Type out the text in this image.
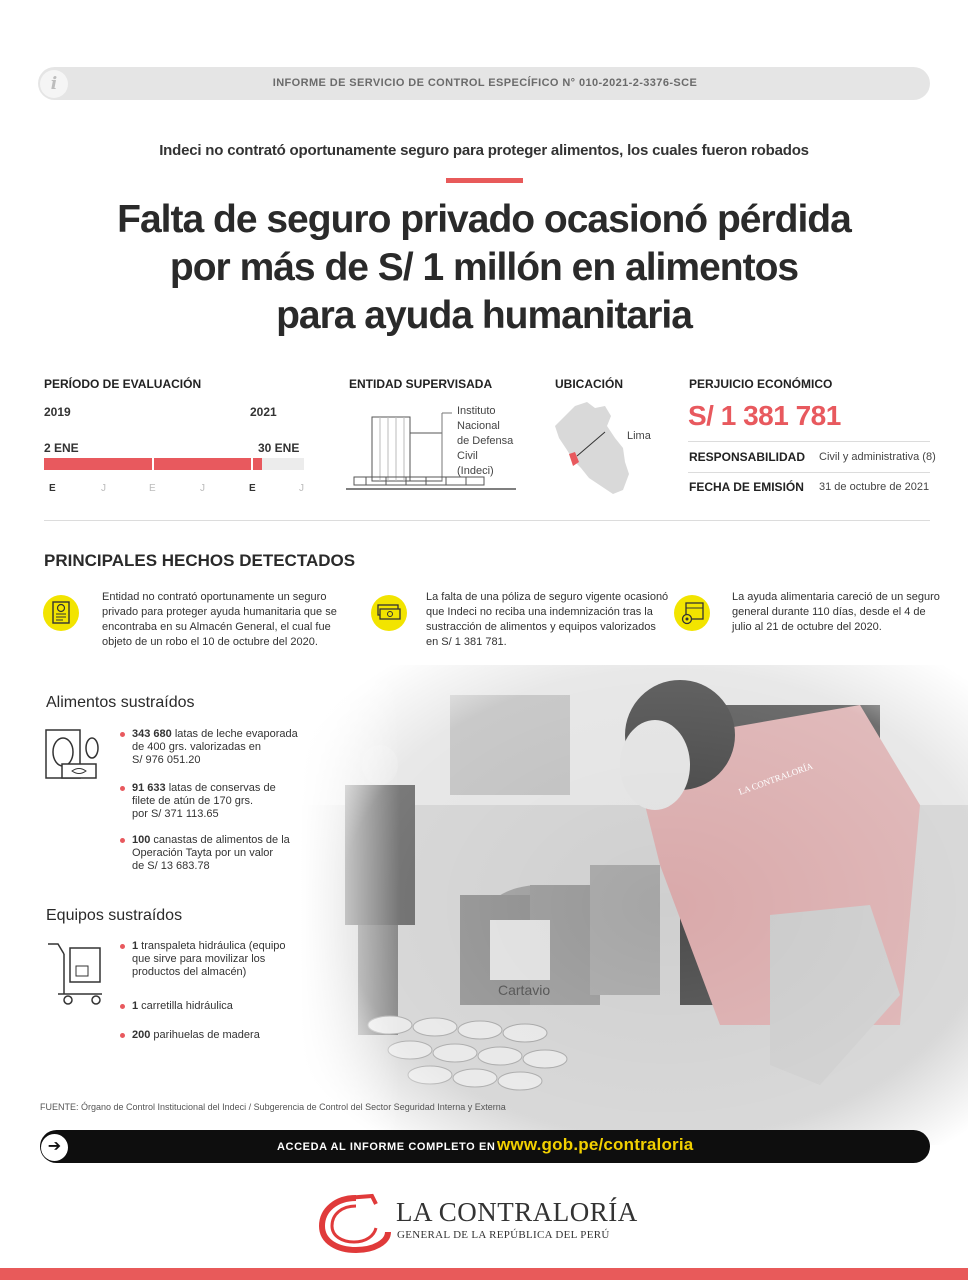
i	INFORME DE SERVICIO DE CONTROL ESPECÍFICO N° 010-2021-2-3376-SCE
Indeci no contrató oportunamente seguro para proteger alimentos, los cuales fueron robados
Falta de seguro privado ocasionó pérdida
por más de S/ 1 millón en alimentos
para ayuda humanitaria
PERÍODO DE EVALUACIÓN
2019	2021
2 ENE	30 ENE
E	J	E	J	E	J
ENTIDAD SUPERVISADA
Instituto
Nacional
de Defensa
Civil
(Indeci)
UBICACIÓN
Lima
PERJUICIO ECONÓMICO
S/ 1 381 781
RESPONSABILIDAD Civil y administrativa (8)
FECHA DE EMISIÓN 31 de octubre de 2021
PRINCIPALES HECHOS DETECTADOS
Entidad no contrató oportunamente un seguro
privado para proteger ayuda humanitaria que se
encontraba en su Almacén General, el cual fue
objeto de un robo el 10 de octubre del 2020.
La falta de una póliza de seguro vigente ocasionó
que Indeci no reciba una indemnización tras la
sustracción de alimentos y equipos valorizados
en S/ 1 381 781.
La ayuda alimentaria careció de un seguro
general durante 110 días, desde el 4 de
julio al 21 de octubre del 2020.
Alimentos sustraídos
343 680 latas de leche evaporada
de 400 grs. valorizadas en
S/ 976 051.20
91 633 latas de conservas de
filete de atún de 170 grs.
por S/ 371 113.65
100 canastas de alimentos de la
Operación Tayta por un valor
de S/ 13 683.78
Equipos sustraídos
1 transpaleta hidráulica (equipo
que sirve para movilizar los
productos del almacén)
1 carretilla hidráulica
200 parihuelas de madera
FUENTE: Órgano de Control Institucional del Indeci / Subgerencia de Control del Sector Seguridad Interna y Externa
➔	ACCEDA AL INFORME COMPLETO EN www.gob.pe/contraloria
LA CONTRALORÍA
GENERAL DE LA REPÚBLICA DEL PERÚ
